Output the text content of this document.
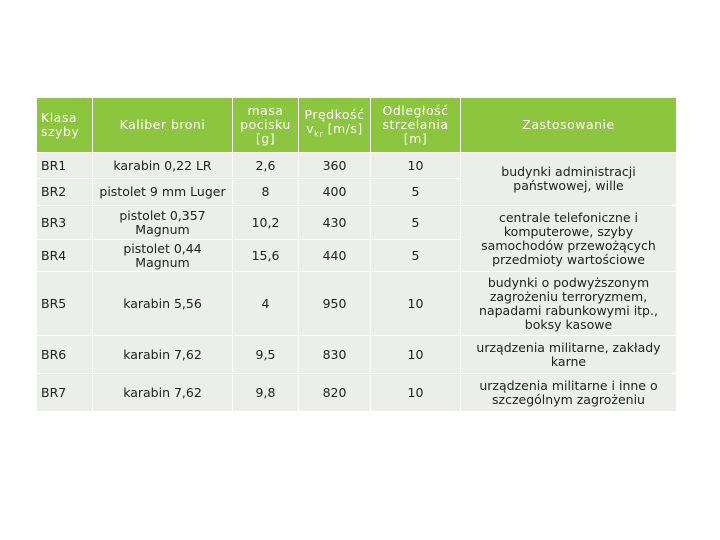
Klasa szyby	Kaliber broni	masa pocisku [g]	Prędkość $v_{kr}$ [m/s]	Odległość strzelania [m]	Zastosowanie
BR1	karabin 0,22 LR	2,6	360	10	budynki administracji państwowej, wille
BR2	pistolet 9 mm Luger	8	400	5	
BR3	pistolet 0,357 Magnum	10,2	430	5	centrale telefoniczne i komputerowe, szyby samochodów przewożących przedmioty wartościowe
BR4	pistolet 0,44 Magnum	15,6	440	5	
BR5	karabin 5,56	4	950	10	budynki o podwyższonym zagrożeniu terroryzmem, napadami rabunkowymi itp., boksy kasowe
BR6	karabin 7,62	9,5	830	10	urządzenia militarne, zakłady karne
BR7	karabin 7,62	9,8	820	10	urządzenia militarne i inne o szczególnym zagrożeniu
